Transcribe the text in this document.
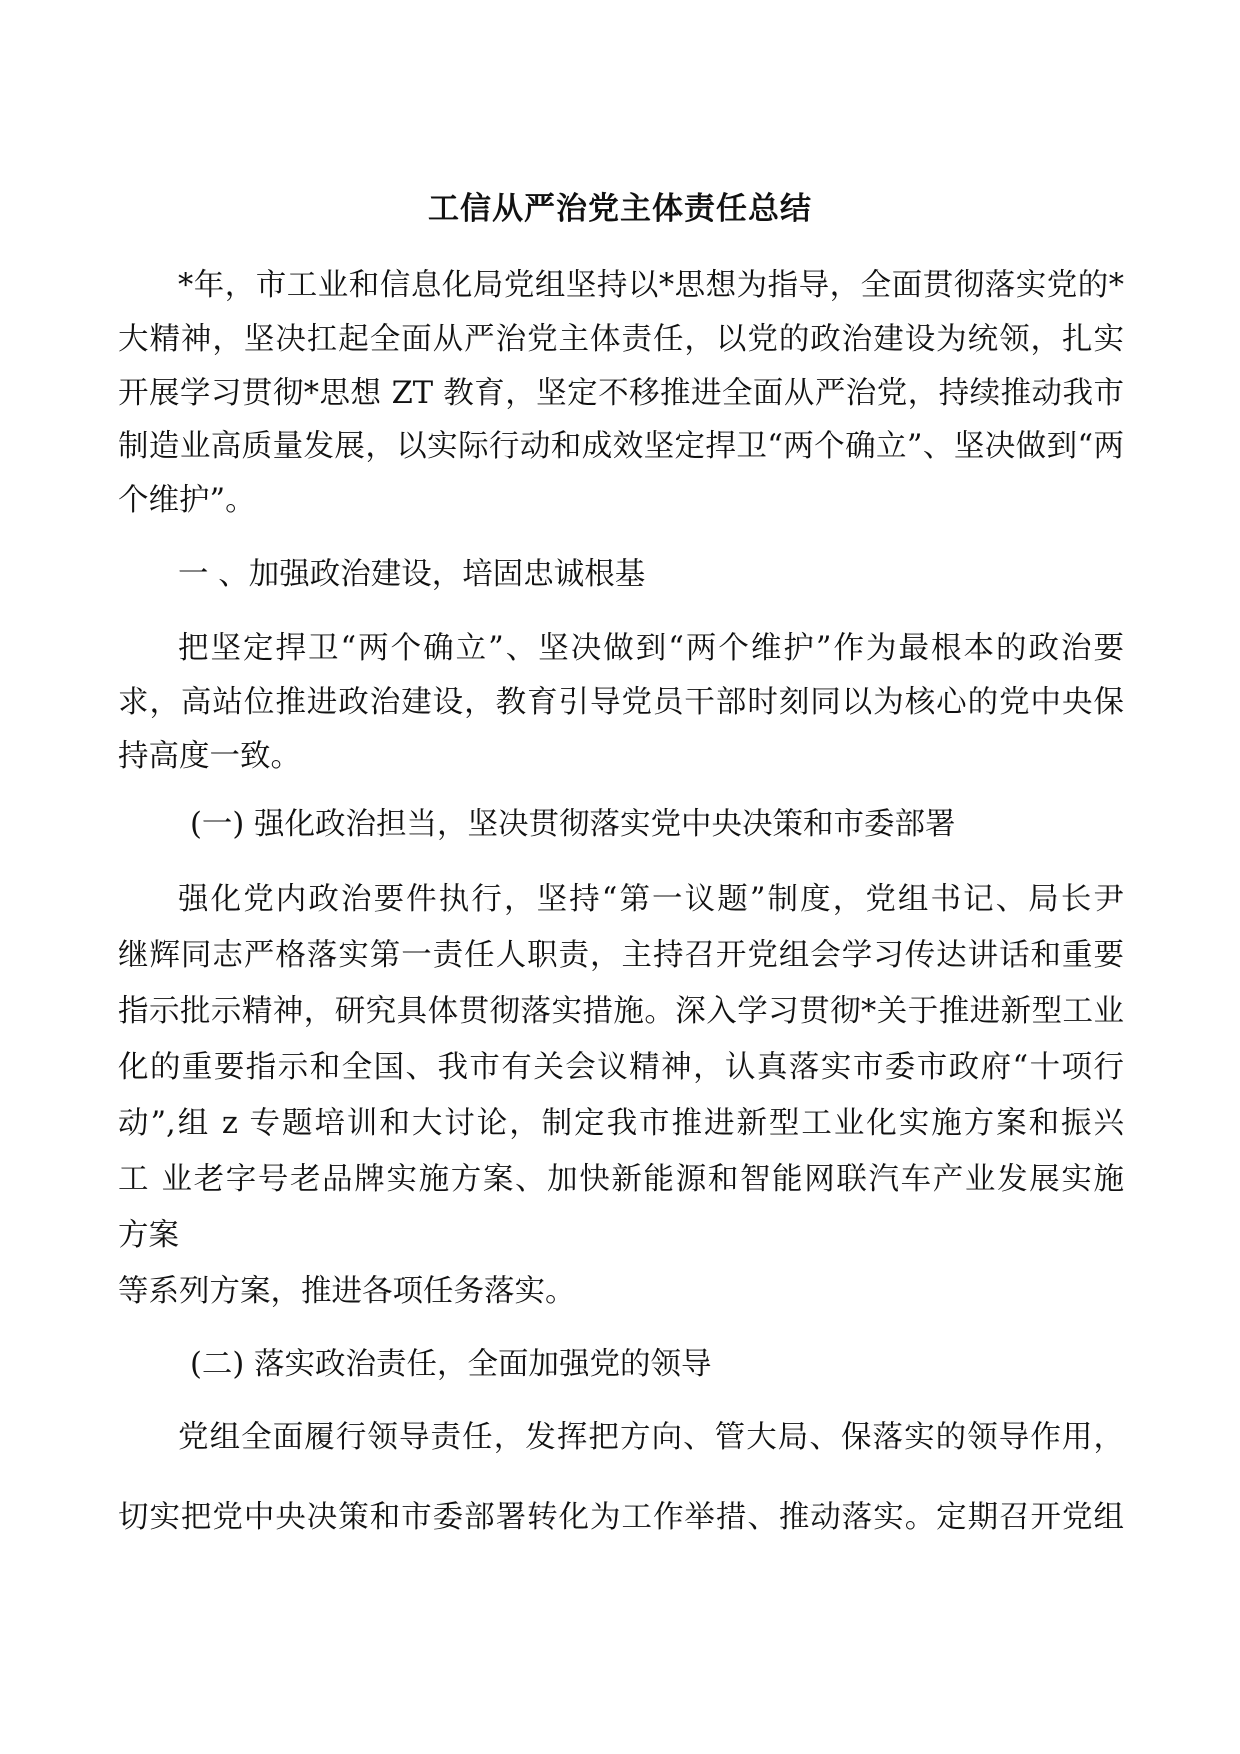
工信从严治党主体责任总结
*年，市工业和信息化局党组坚持以*思想为指导，全面贯彻落实党的*
大精神，坚决扛起全面从严治党主体责任，以党的政治建设为统领，扎实
开展学习贯彻*思想 ZT 教育，坚定不移推进全面从严治党，持续推动我市
制造业高质量发展，以实际行动和成效坚定捍卫“两个确立”、坚决做到“两
个维护”。
一 、加强政治建设，培固忠诚根基
把坚定捍卫“两个确立”、坚决做到“两个维护”作为最根本的政治要
求，高站位推进政治建设，教育引导党员干部时刻同以为核心的党中央保
持高度一致。
(一) 强化政治担当，坚决贯彻落实党中央决策和市委部署
强化党内政治要件执行，坚持“第一议题”制度，党组书记、局长尹
继辉同志严格落实第一责任人职责，主持召开党组会学习传达讲话和重要
指示批示精神，研究具体贯彻落实措施。深入学习贯彻*关于推进新型工业
化的重要指示和全国、我市有关会议精神，认真落实市委市政府“十项行
动”,组 z 专题培训和大讨论，制定我市推进新型工业化实施方案和振兴
工 业老字号老品牌实施方案、加快新能源和智能网联汽车产业发展实施
方案
等系列方案，推进各项任务落实。
(二) 落实政治责任，全面加强党的领导
党组全面履行领导责任，发挥把方向、管大局、保落实的领导作用，
切实把党中央决策和市委部署转化为工作举措、推动落实。定期召开党组
